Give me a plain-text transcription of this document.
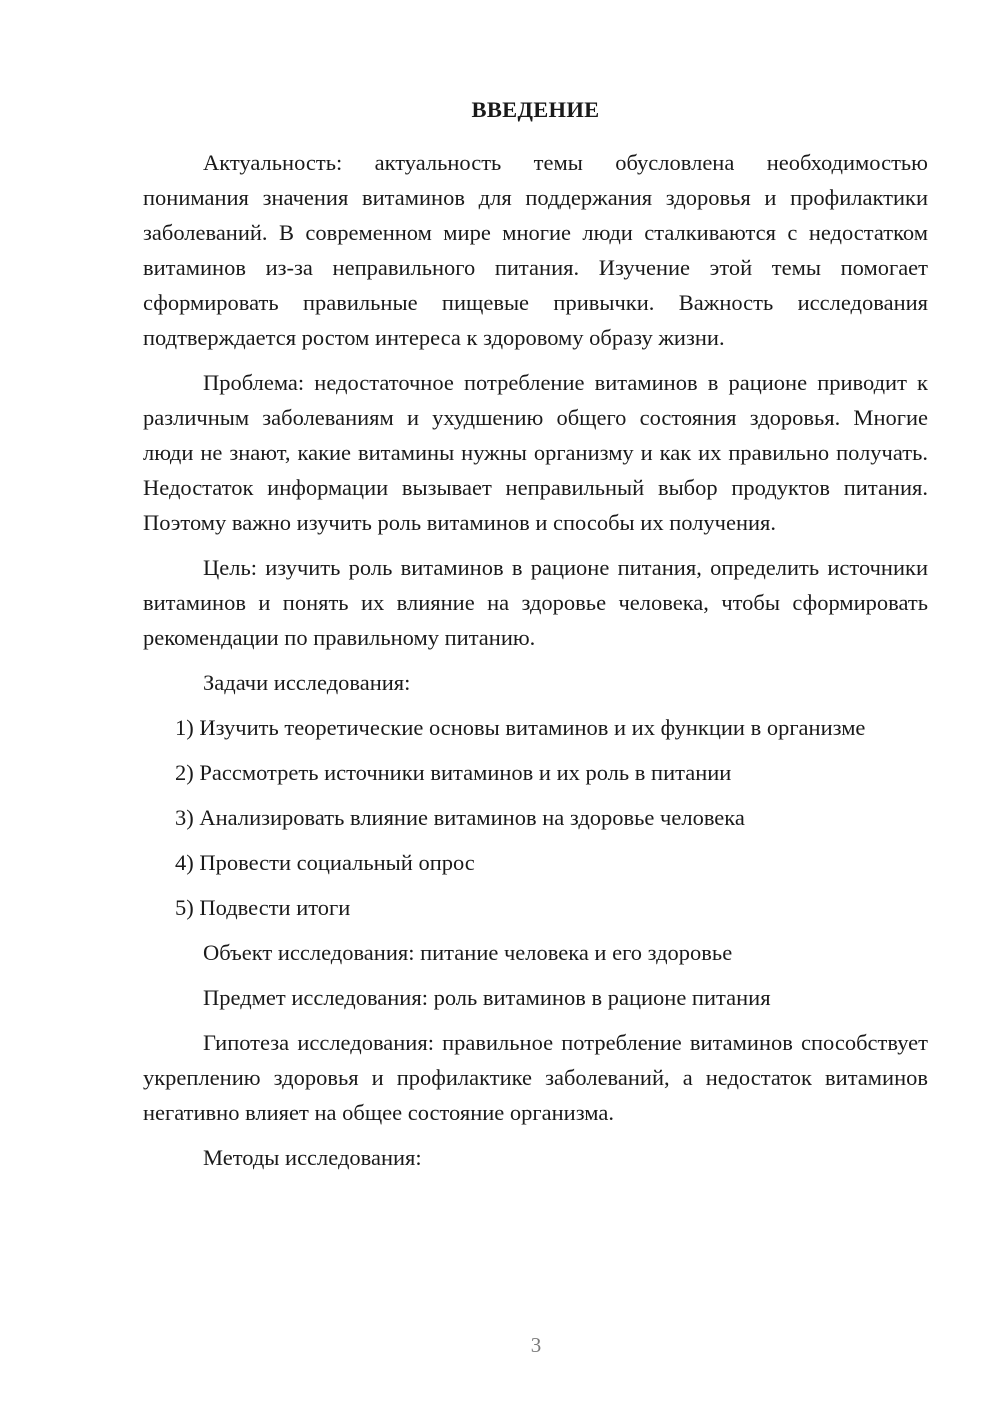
ВВЕДЕНИЕ

Актуальность: актуальность темы обусловлена необходимостью понимания значения витаминов для поддержания здоровья и профилактики заболеваний. В современном мире многие люди сталкиваются с недостатком витаминов из-за неправильного питания. Изучение этой темы помогает сформировать правильные пищевые привычки. Важность исследования подтверждается ростом интереса к здоровому образу жизни.

Проблема: недостаточное потребление витаминов в рационе приводит к различным заболеваниям и ухудшению общего состояния здоровья. Многие люди не знают, какие витамины нужны организму и как их правильно получать. Недостаток информации вызывает неправильный выбор продуктов питания. Поэтому важно изучить роль витаминов и способы их получения.

Цель: изучить роль витаминов в рационе питания, определить источники витаминов и понять их влияние на здоровье человека, чтобы сформировать рекомендации по правильному питанию.

Задачи исследования:

1) Изучить теоретические основы витаминов и их функции в организме

2) Рассмотреть источники витаминов и их роль в питании

3) Анализировать влияние витаминов на здоровье человека

4) Провести социальный опрос

5) Подвести итоги

Объект исследования: питание человека и его здоровье

Предмет исследования: роль витаминов в рационе питания

Гипотеза исследования: правильное потребление витаминов способствует укреплению здоровья и профилактике заболеваний, а недостаток витаминов негативно влияет на общее состояние организма.

Методы исследования:

3
